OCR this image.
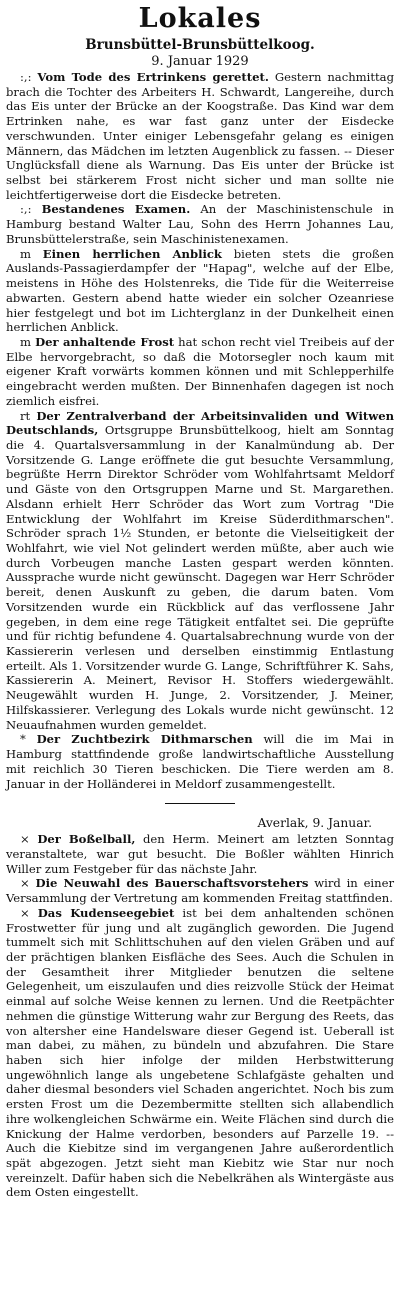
Lokales
Brunsbüttel-Brunsbüttelkoog.
9. Januar 1929

:,: Vom Tode des Ertrinkens gerettet. Gestern nachmittag brach die Tochter des Arbeiters H. Schwardt, Langereihe, durch das Eis unter der Brücke an der Koogstraße. Das Kind war dem Ertrinken nahe, es war fast ganz unter der Eisdecke verschwunden. Unter einiger Lebensgefahr gelang es einigen Männern, das Mädchen im letzten Augenblick zu fassen. -- Dieser Unglücksfall diene als Warnung. Das Eis unter der Brücke ist selbst bei stärkerem Frost nicht sicher und man sollte nie leichtfertigerweise dort die Eisdecke betreten.

:,: Bestandenes Examen. An der Maschinistenschule in Hamburg bestand Walter Lau, Sohn des Herrn Johannes Lau, Brunsbüttelerstraße, sein Maschinistenexamen.

m Einen herrlichen Anblick bieten stets die großen Auslands-Passagierdampfer der "Hapag", welche auf der Elbe, meistens in Höhe des Holstenreks, die Tide für die Weiterreise abwarten. Gestern abend hatte wieder ein solcher Ozeanriese hier festgelegt und bot im Lichterglanz in der Dunkelheit einen herrlichen Anblick.

m Der anhaltende Frost hat schon recht viel Treibeis auf der Elbe hervorgebracht, so daß die Motorsegler noch kaum mit eigener Kraft vorwärts kommen können und mit Schlepperhilfe eingebracht werden mußten. Der Binnenhafen dagegen ist noch ziemlich eisfrei.

rt Der Zentralverband der Arbeitsinvaliden und Witwen Deutschlands, Ortsgruppe Brunsbüttelkoog, hielt am Sonntag die 4. Quartalsversammlung in der Kanalmündung ab. Der Vorsitzende G. Lange eröffnete die gut besuchte Versammlung, begrüßte Herrn Direktor Schröder vom Wohlfahrtsamt Meldorf und Gäste von den Ortsgruppen Marne und St. Margarethen. Alsdann erhielt Herr Schröder das Wort zum Vortrag "Die Entwicklung der Wohlfahrt im Kreise Süderdithmarschen". Schröder sprach 1½ Stunden, er betonte die Vielseitigkeit der Wohlfahrt, wie viel Not gelindert werden müßte, aber auch wie durch Vorbeugen manche Lasten gespart werden könnten. Aussprache wurde nicht gewünscht. Dagegen war Herr Schröder bereit, denen Auskunft zu geben, die darum baten. Vom Vorsitzenden wurde ein Rückblick auf das verflossene Jahr gegeben, in dem eine rege Tätigkeit entfaltet sei. Die geprüfte und für richtig befundene 4. Quartalsabrechnung wurde von der Kassiererin verlesen und derselben einstimmig Entlastung erteilt. Als 1. Vorsitzender wurde G. Lange, Schriftführer K. Sahs, Kassiererin A. Meinert, Revisor H. Stoffers wiedergewählt. Neugewählt wurden H. Junge, 2. Vorsitzender, J. Meiner, Hilfskassierer. Verlegung des Lokals wurde nicht gewünscht. 12 Neuaufnahmen wurden gemeldet.

* Der Zuchtbezirk Dithmarschen will die im Mai in Hamburg stattfindende große landwirtschaftliche Ausstellung mit reichlich 30 Tieren beschicken. Die Tiere werden am 8. Januar in der Holländerei in Meldorf zusammengestellt.

Averlak, 9. Januar.

× Der Boßelball, den Herm. Meinert am letzten Sonntag veranstaltete, war gut besucht. Die Boßler wählten Hinrich Willer zum Festgeber für das nächste Jahr.

× Die Neuwahl des Bauerschaftsvorstehers wird in einer Versammlung der Vertretung am kommenden Freitag stattfinden.

× Das Kudenseegebiet ist bei dem anhaltenden schönen Frostwetter für jung und alt zugänglich geworden. Die Jugend tummelt sich mit Schlittschuhen auf den vielen Gräben und auf der prächtigen blanken Eisfläche des Sees. Auch die Schulen in der Gesamtheit ihrer Mitglieder benutzen die seltene Gelegenheit, um eiszulaufen und dies reizvolle Stück der Heimat einmal auf solche Weise kennen zu lernen. Und die Reetpächter nehmen die günstige Witterung wahr zur Bergung des Reets, das von altersher eine Handelsware dieser Gegend ist. Ueberall ist man dabei, zu mähen, zu bündeln und abzufahren. Die Stare haben sich hier infolge der milden Herbstwitterung ungewöhnlich lange als ungebetene Schlafgäste gehalten und daher diesmal besonders viel Schaden angerichtet. Noch bis zum ersten Frost um die Dezembermitte stellten sich allabendlich ihre wolkengleichen Schwärme ein. Weite Flächen sind durch die Knickung der Halme verdorben, besonders auf Parzelle 19. -- Auch die Kiebitze sind im vergangenen Jahre außerordentlich spät abgezogen. Jetzt sieht man Kiebitz wie Star nur noch vereinzelt. Dafür haben sich die Nebelkrähen als Wintergäste aus dem Osten eingestellt.
